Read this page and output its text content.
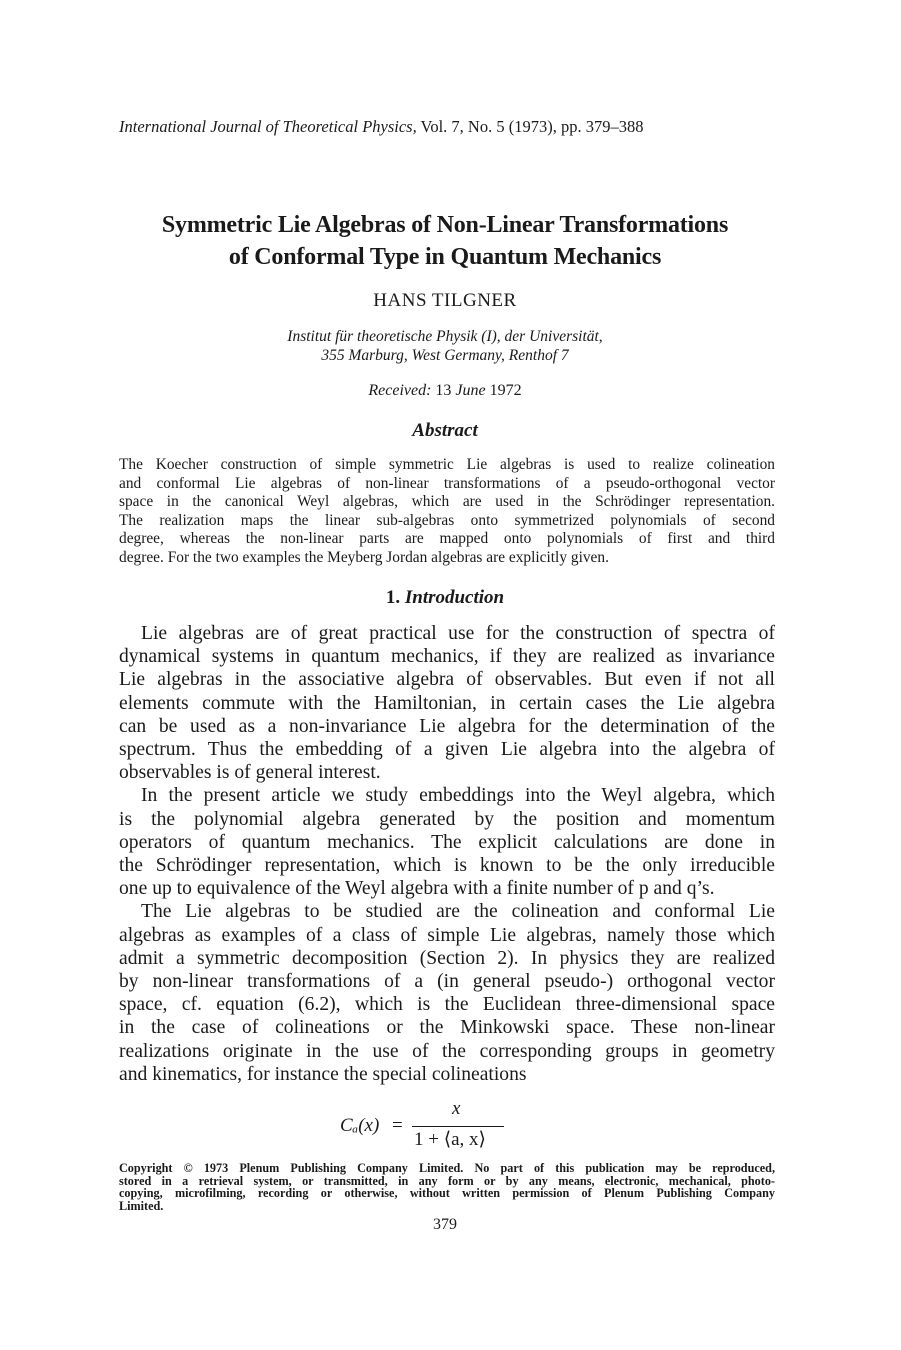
International Journal of Theoretical Physics, Vol. 7, No. 5 (1973), pp. 379–388

Symmetric Lie Algebras of Non-Linear Transformations
of Conformal Type in Quantum Mechanics

HANS TILGNER

Institut für theoretische Physik (I), der Universität,
355 Marburg, West Germany, Renthof 7

Received: 13 June 1972

Abstract
The Koecher construction of simple symmetric Lie algebras is used to realize colineation
and conformal Lie algebras of non-linear transformations of a pseudo-orthogonal vector
space in the canonical Weyl algebras, which are used in the Schrödinger representation.
The realization maps the linear sub-algebras onto symmetrized polynomials of second
degree, whereas the non-linear parts are mapped onto polynomials of first and third
degree. For the two examples the Meyberg Jordan algebras are explicitly given.
1. Introduction
Lie algebras are of great practical use for the construction of spectra of
dynamical systems in quantum mechanics, if they are realized as invariance
Lie algebras in the associative algebra of observables. But even if not all
elements commute with the Hamiltonian, in certain cases the Lie algebra
can be used as a non-invariance Lie algebra for the determination of the
spectrum. Thus the embedding of a given Lie algebra into the algebra of
observables is of general interest.
In the present article we study embeddings into the Weyl algebra, which
is the polynomial algebra generated by the position and momentum
operators of quantum mechanics. The explicit calculations are done in
the Schrödinger representation, which is known to be the only irreducible
one up to equivalence of the Weyl algebra with a finite number of p and q’s.
The Lie algebras to be studied are the colineation and conformal Lie
algebras as examples of a class of simple Lie algebras, namely those which
admit a symmetric decomposition (Section 2). In physics they are realized
by non-linear transformations of a (in general pseudo-) orthogonal vector
space, cf. equation (6.2), which is the Euclidean three-dimensional space
in the case of colineations or the Minkowski space. These non-linear
realizations originate in the use of the corresponding groups in geometry
and kinematics, for instance the special colineations
Cₐ(x) =
x
1 + ⟨a, x⟩
Copyright © 1973 Plenum Publishing Company Limited. No part of this publication may be reproduced,
stored in a retrieval system, or transmitted, in any form or by any means, electronic, mechanical, photo-
copying, microfilming, recording or otherwise, without written permission of Plenum Publishing Company
Limited.

379
